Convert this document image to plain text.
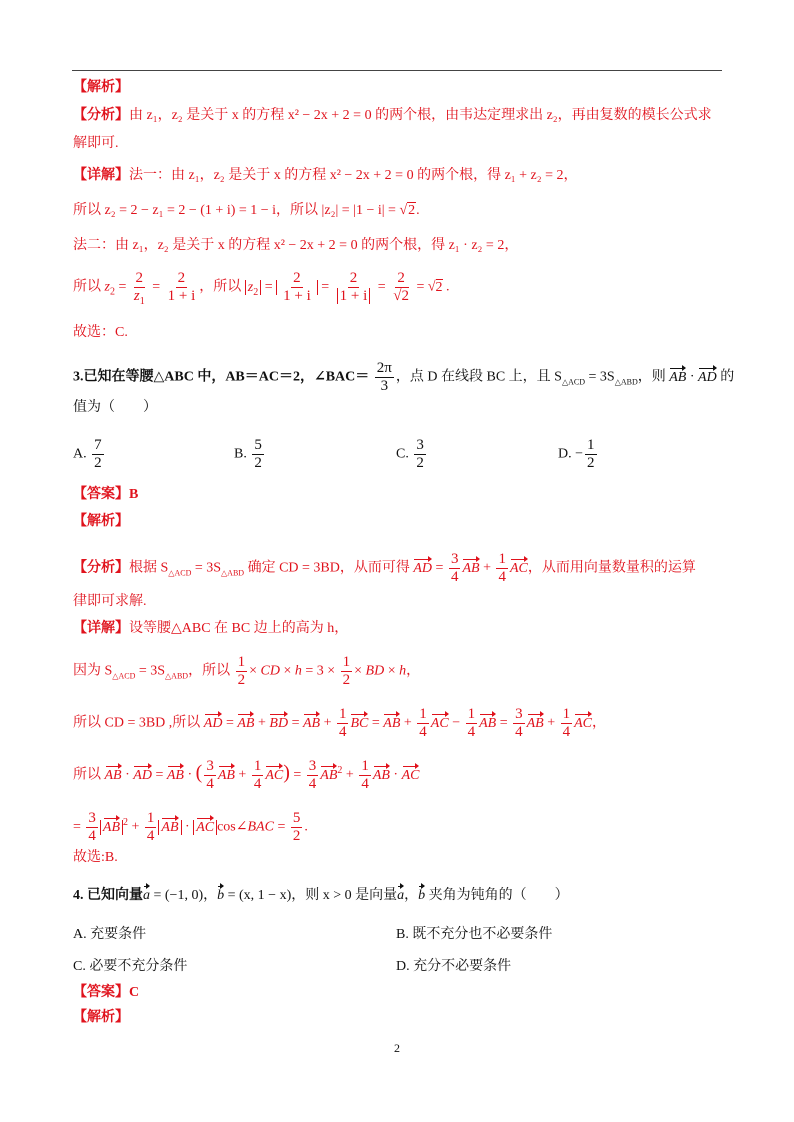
【解析】
【分析】由 z₁，z₂ 是关于 x 的方程 x² − 2x + 2 = 0 的两个根，由韦达定理求出 z₂，再由复数的模长公式求
解即可.
【详解】法一：由 z₁，z₂ 是关于 x 的方程 x² − 2x + 2 = 0 的两个根，得 z₁ + z₂ = 2，
所以 z₂ = 2 − z₁ = 2 − (1 + i) = 1 − i，所以 |z₂| = |1 − i| = √2.
法二：由 z₁，z₂ 是关于 x 的方程 x² − 2x + 2 = 0 的两个根，得 z₁ · z₂ = 2，
所以 $z_2 = \frac{2}{z_1} = \frac{2}{1 + i}$ ，所以 $z_2 = \frac{2}{1 + i} = \frac{2}{1 + i} = \frac{2}{√2} = √2$ .
故选：C.
3.已知在等腰△ABC 中，AB＝AC＝2，∠BAC＝ $\frac{2\pi}{3}$ ，点 D 在线段 BC 上，且 $S_{\triangle ACD} = 3S_{\triangle ABD}$，则 AB · AD 的
值为（　　）
A. $\frac{7}{2}$	B. $\frac{5}{2}$	C. $\frac{3}{2}$	D. − $\frac{1}{2}$
【答案】B
【解析】
【分析】根据 $S_{\triangle ACD} = 3S_{\triangle ABD}$ 确定 CD = 3BD，从而可得 AD = $\frac{3}{4}$ AB + $\frac{1}{4}$ AC，从而用向量数量积的运算
律即可求解.
【详解】设等腰△ABC 在 BC 边上的高为 h，
因为 $S_{\triangle ACD} = 3S_{\triangle ABD}$，所以 $\frac{1}{2}$ × CD × $h = 3 \times \frac{1}{2}$ × BD × h，
所以 CD = 3BD ,所以 AD = AB + BD = AB + $\frac{1}{4}$ BC = AB + $\frac{1}{4}$ AC − $\frac{1}{4}$ AB = $\frac{3}{4}$ AB + $\frac{1}{4}$ AC，
所以 AB · AD = AB · ( $\frac{3}{4}$ AB + $\frac{1}{4} AC) = \frac{3}{4} AB^2 + \frac{1}{4}$ AB · AC
= $\frac{3}{4}$ AB $^2 + \frac{1}{4}$ AB · AC cos∠BAC = $\frac{5}{2}$ .
故选:B.
4. 已知向量a = (−1, 0)，b = (x, 1 − x)，则 x > 0 是向量a，b 夹角为钝角的（　　）
A. 充要条件	B. 既不充分也不必要条件
C. 必要不充分条件	D. 充分不必要条件
【答案】C
【解析】
2
